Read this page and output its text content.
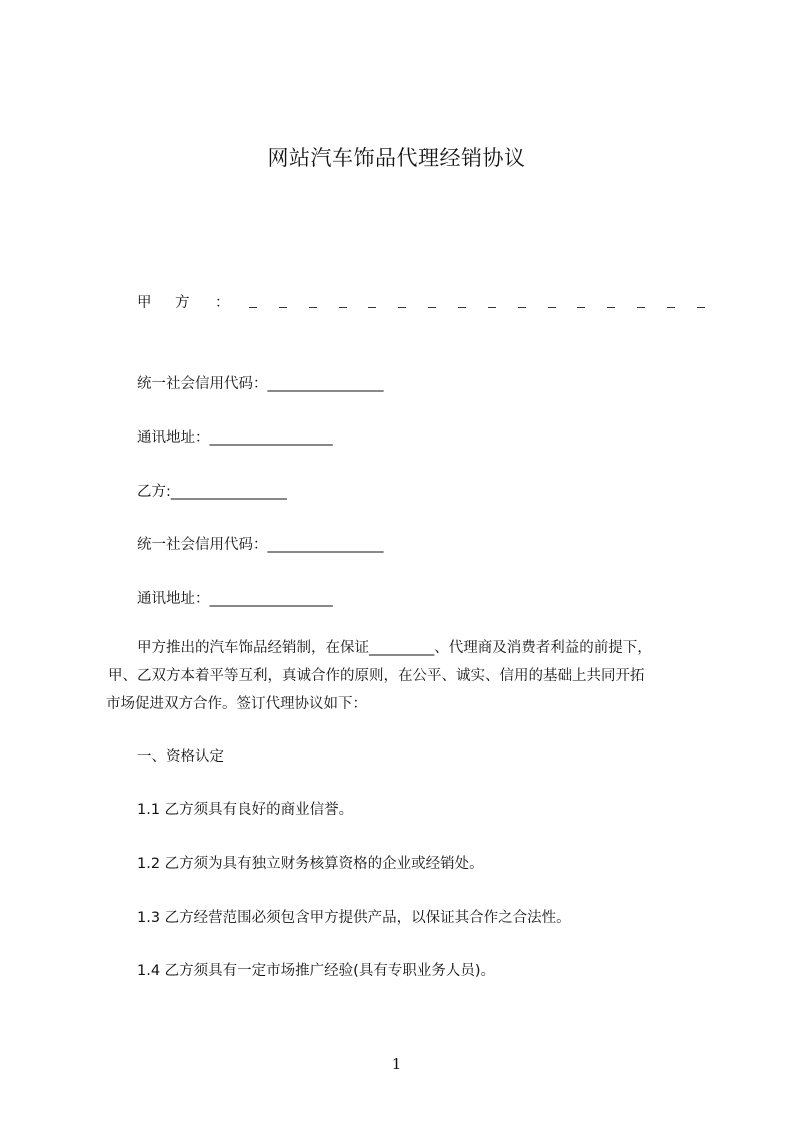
网站汽车饰品代理经销协议
甲 方 ：
统一社会信用代码：________________
通讯地址：_________________
乙方:________________
统一社会信用代码：________________
通讯地址：_________________
甲方推出的汽车饰品经销制，在保证_________、代理商及消费者利益的前提下，
甲、乙双方本着平等互利，真诚合作的原则，在公平、诚实、信用的基础上共同开拓
市场促进双方合作。签订代理协议如下：
一、资格认定
1.1 乙方须具有良好的商业信誉。
1.2 乙方须为具有独立财务核算资格的企业或经销处。
1.3 乙方经营范围必须包含甲方提供产品，以保证其合作之合法性。
1.4 乙方须具有一定市场推广经验(具有专职业务人员)。
1
